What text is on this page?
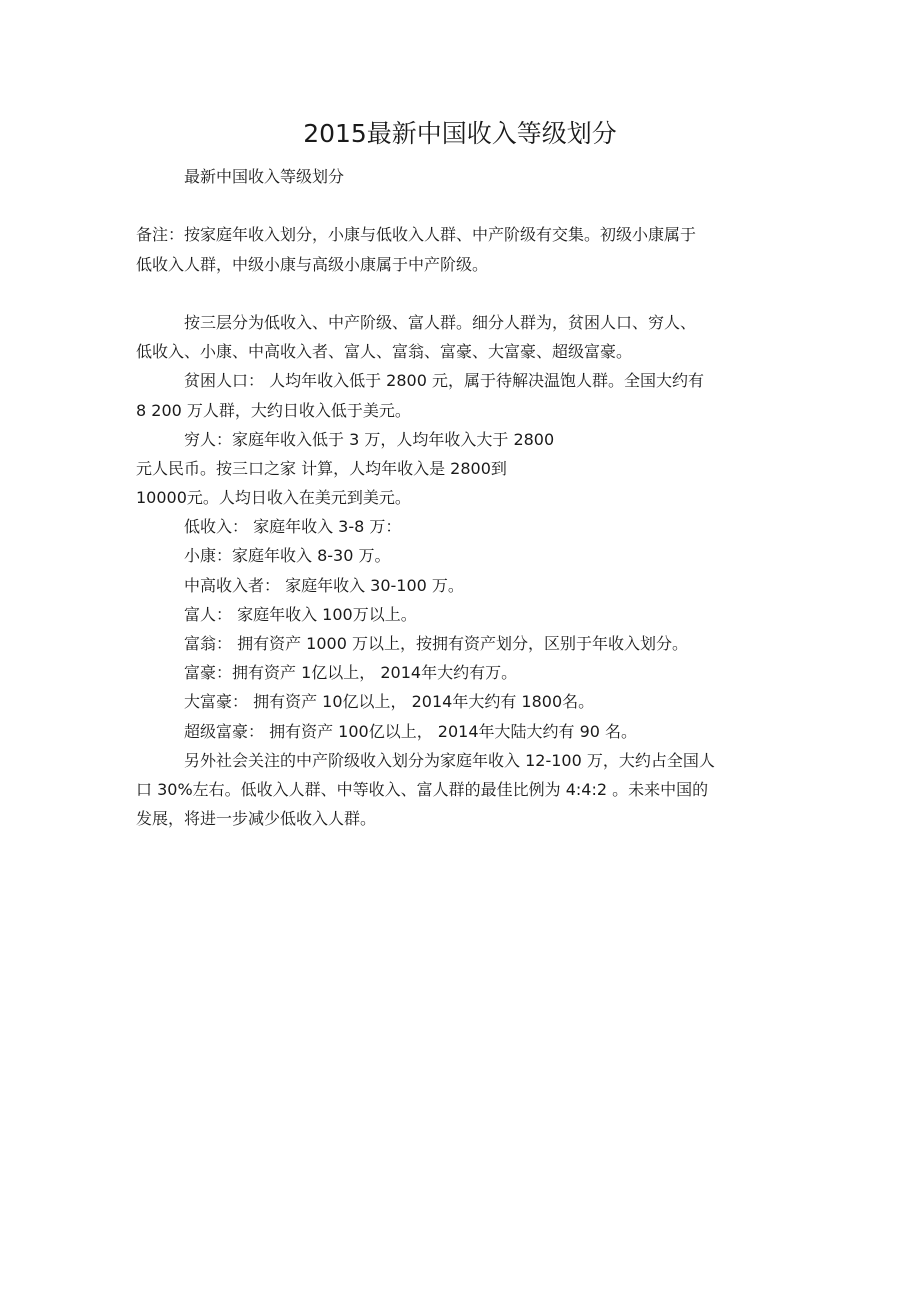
2015最新中国收入等级划分
最新中国收入等级划分
备注：按家庭年收入划分，小康与低收入人群、中产阶级有交集。初级小康属于
低收入人群，中级小康与高级小康属于中产阶级。
按三层分为低收入、中产阶级、富人群。细分人群为，贫困人口、穷人、
低收入、小康、中高收入者、富人、富翁、富豪、大富豪、超级富豪。
贫困人口： 人均年收入低于 2800 元，属于待解决温饱人群。全国大约有
8 200 万人群，大约日收入低于美元。
穷人：家庭年收入低于 3 万，人均年收入大于 2800
元人民币。按三口之家 计算，人均年收入是 2800到
10000元。人均日收入在美元到美元。
低收入： 家庭年收入 3-8 万：
小康：家庭年收入 8-30 万。
中高收入者： 家庭年收入 30-100 万。
富人： 家庭年收入 100万以上。
富翁： 拥有资产 1000 万以上，按拥有资产划分，区别于年收入划分。
富豪：拥有资产 1亿以上， 2014年大约有万。
大富豪： 拥有资产 10亿以上， 2014年大约有 1800名。
超级富豪： 拥有资产 100亿以上， 2014年大陆大约有 90 名。
另外社会关注的中产阶级收入划分为家庭年收入 12-100 万，大约占全国人
口 30%左右。低收入人群、中等收入、富人群的最佳比例为 4:4:2 。未来中国的
发展，将进一步减少低收入人群。
